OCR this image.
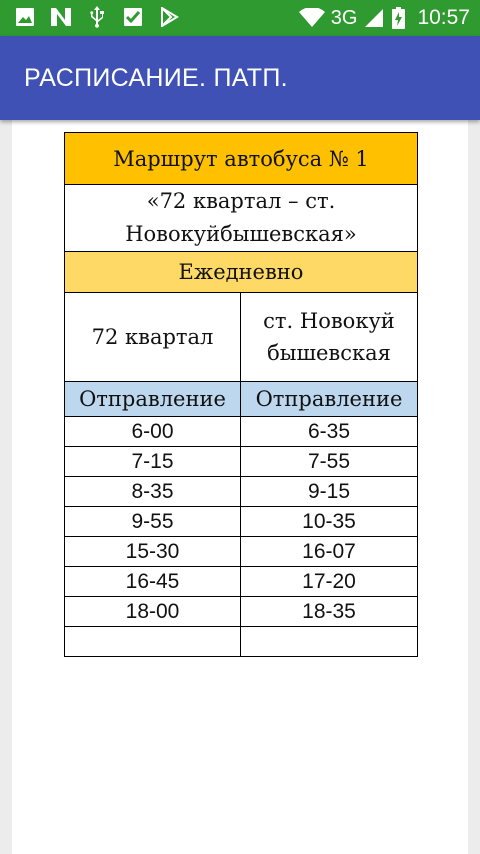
3G	10:57
РАСПИСАНИЕ. ПАТП.
Маршрут автобуса № 1	
«72 квартал – ст. Новокуйбышевская»	
Ежедневно	
72 квартал	ст. Новокуй бышевская
Отправление	Отправление
6-00	6-35
7-15	7-55
8-35	9-15
9-55	10-35
15-30	16-07
16-45	17-20
18-00	18-35
